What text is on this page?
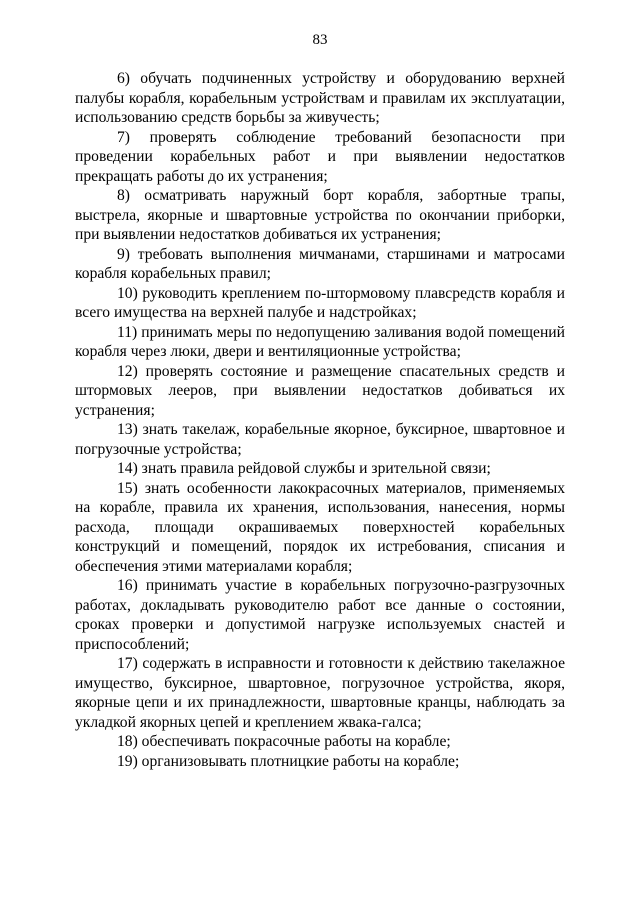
83

6) обучать подчиненных устройству и оборудованию верхней палубы корабля, корабельным устройствам и правилам их эксплуатации, использованию средств борьбы за живучесть;

7) проверять соблюдение требований безопасности при проведении корабельных работ и при выявлении недостатков прекращать работы до их устранения;

8) осматривать наружный борт корабля, забортные трапы, выстрела, якорные и швартовные устройства по окончании приборки, при выявлении недостатков добиваться их устранения;

9) требовать выполнения мичманами, старшинами и матросами корабля корабельных правил;

10) руководить креплением по-штормовому плавсредств корабля и всего имущества на верхней палубе и надстройках;

11) принимать меры по недопущению заливания водой помещений корабля через люки, двери и вентиляционные устройства;

12) проверять состояние и размещение спасательных средств и штормовых лееров, при выявлении недостатков добиваться их устранения;

13) знать такелаж, корабельные якорное, буксирное, швартовное и погрузочные устройства;

14) знать правила рейдовой службы и зрительной связи;

15) знать особенности лакокрасочных материалов, применяемых на корабле, правила их хранения, использования, нанесения, нормы расхода, площади окрашиваемых поверхностей корабельных конструкций и помещений, порядок их истребования, списания и обеспечения этими материалами корабля;

16) принимать участие в корабельных погрузочно-разгрузочных работах, докладывать руководителю работ все данные о состоянии, сроках проверки и допустимой нагрузке используемых снастей и приспособлений;

17) содержать в исправности и готовности к действию такелажное имущество, буксирное, швартовное, погрузочное устройства, якоря, якорные цепи и их принадлежности, швартовные кранцы, наблюдать за укладкой якорных цепей и креплением жвака-галса;

18) обеспечивать покрасочные работы на корабле;

19) организовывать плотницкие работы на корабле;
